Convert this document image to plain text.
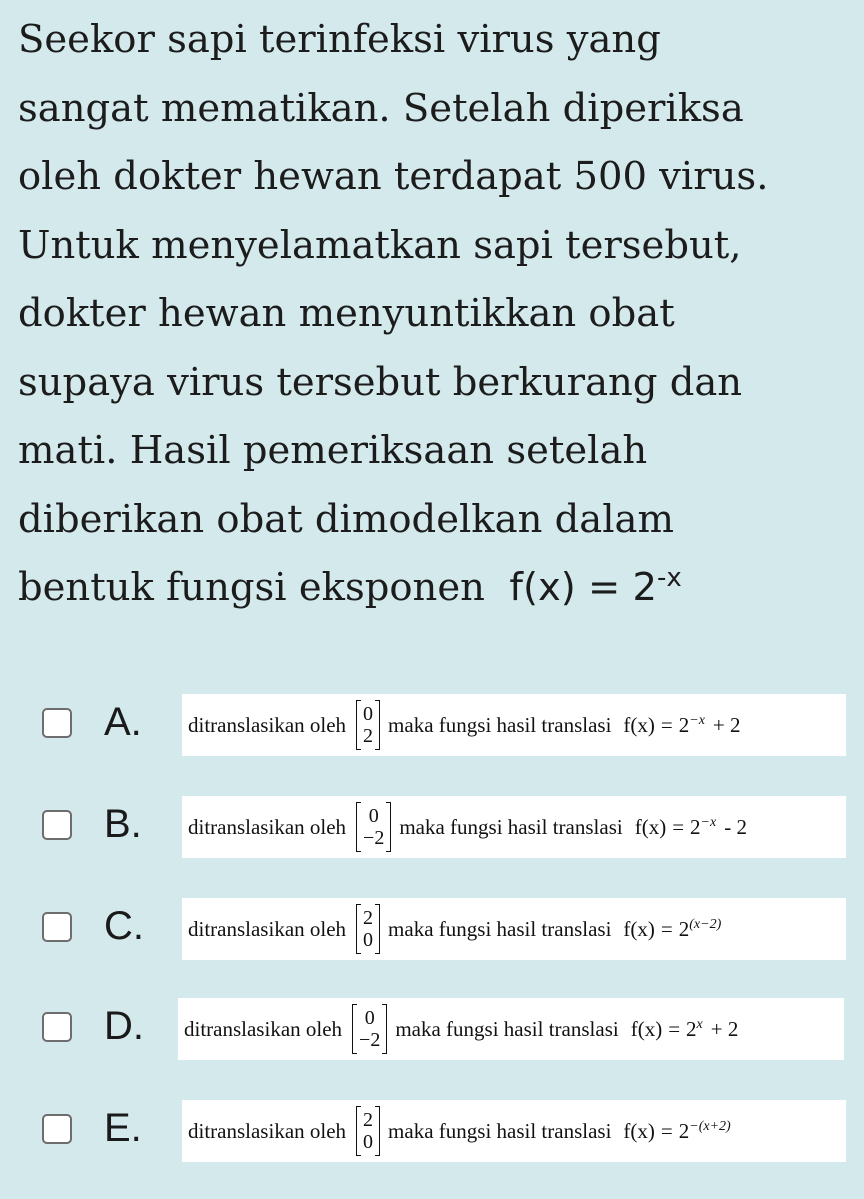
Seekor sapi terinfeksi virus yang
sangat mematikan. Setelah diperiksa
oleh dokter hewan terdapat 500 virus.
Untuk menyelamatkan sapi tersebut,
dokter hewan menyuntikkan obat
supaya virus tersebut berkurang dan
mati. Hasil pemeriksaan setelah
diberikan obat dimodelkan dalam
bentuk fungsi eksponen $f(x) = 2^{-x}$
A. ditranslasikan oleh 0
2 maka fungsi hasil translasi $f(x) = 2^{-x} + 2$
B. ditranslasikan oleh 0
−2 maka fungsi hasil translasi $f(x) = 2^{-x} - 2$
C. ditranslasikan oleh 2
0 maka fungsi hasil translasi $f(x) = 2^{(x-2)}$
D. ditranslasikan oleh 0
−2 maka fungsi hasil translasi $f(x) = 2^x + 2$
E. ditranslasikan oleh 2
0 maka fungsi hasil translasi $f(x) = 2^{-(x+2)}$
